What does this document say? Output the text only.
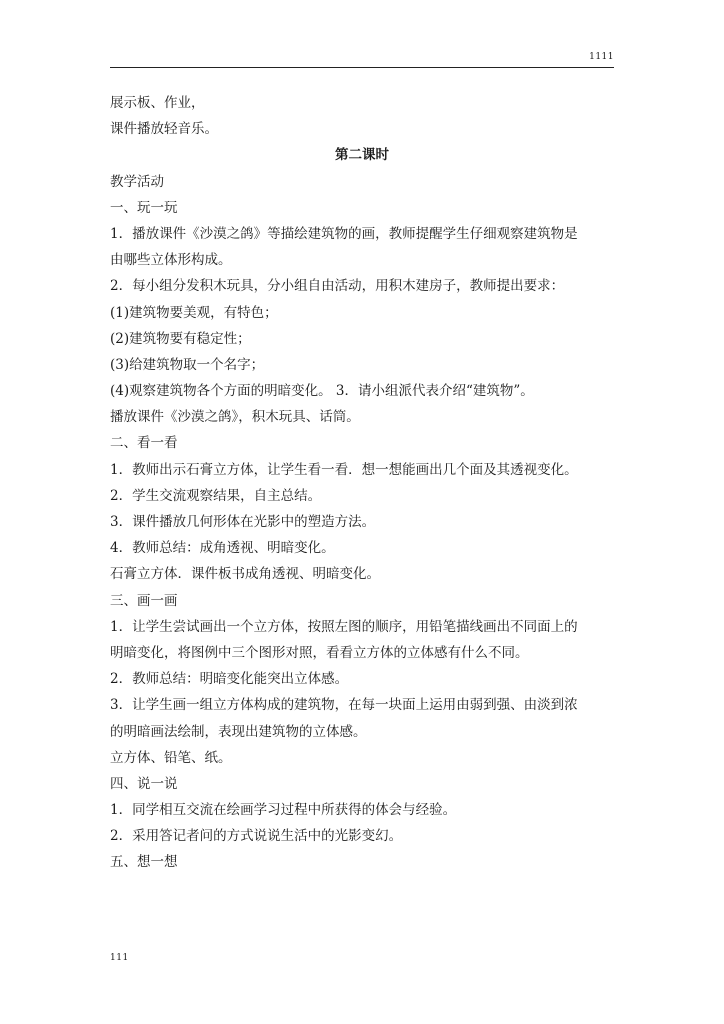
1111
展示板、作业，
课件播放轻音乐。
第二课时
教学活动
一、玩一玩
1．播放课件《沙漠之鸽》等描绘建筑物的画，教师提醒学生仔细观察建筑物是
由哪些立体形构成。
2．每小组分发积木玩具，分小组自由活动，用积木建房子，教师提出要求：
(1)建筑物要美观，有特色；
(2)建筑物要有稳定性；
(3)给建筑物取一个名字；
(4)观察建筑物各个方面的明暗变化。 3．请小组派代表介绍“建筑物”。
播放课件《沙漠之鸽》，积木玩具、话筒。
二、看一看
1．教师出示石膏立方体，让学生看一看．想一想能画出几个面及其透视变化。
2．学生交流观察结果，自主总结。
3．课件播放几何形体在光影中的塑造方法。
4．教师总结：成角透视、明暗变化。
石膏立方体．课件板书成角透视、明暗变化。
三、画一画
1．让学生尝试画出一个立方体，按照左图的顺序，用铅笔描线画出不同面上的
明暗变化，将图例中三个图形对照，看看立方体的立体感有什么不同。
2．教师总结：明暗变化能突出立体感。
3．让学生画一组立方体构成的建筑物，在每一块面上运用由弱到强、由淡到浓
的明暗画法绘制，表现出建筑物的立体感。
立方体、铅笔、纸。
四、说一说
1．同学相互交流在绘画学习过程中所获得的体会与经验。
2．采用答记者问的方式说说生活中的光影变幻。
五、想一想
111
